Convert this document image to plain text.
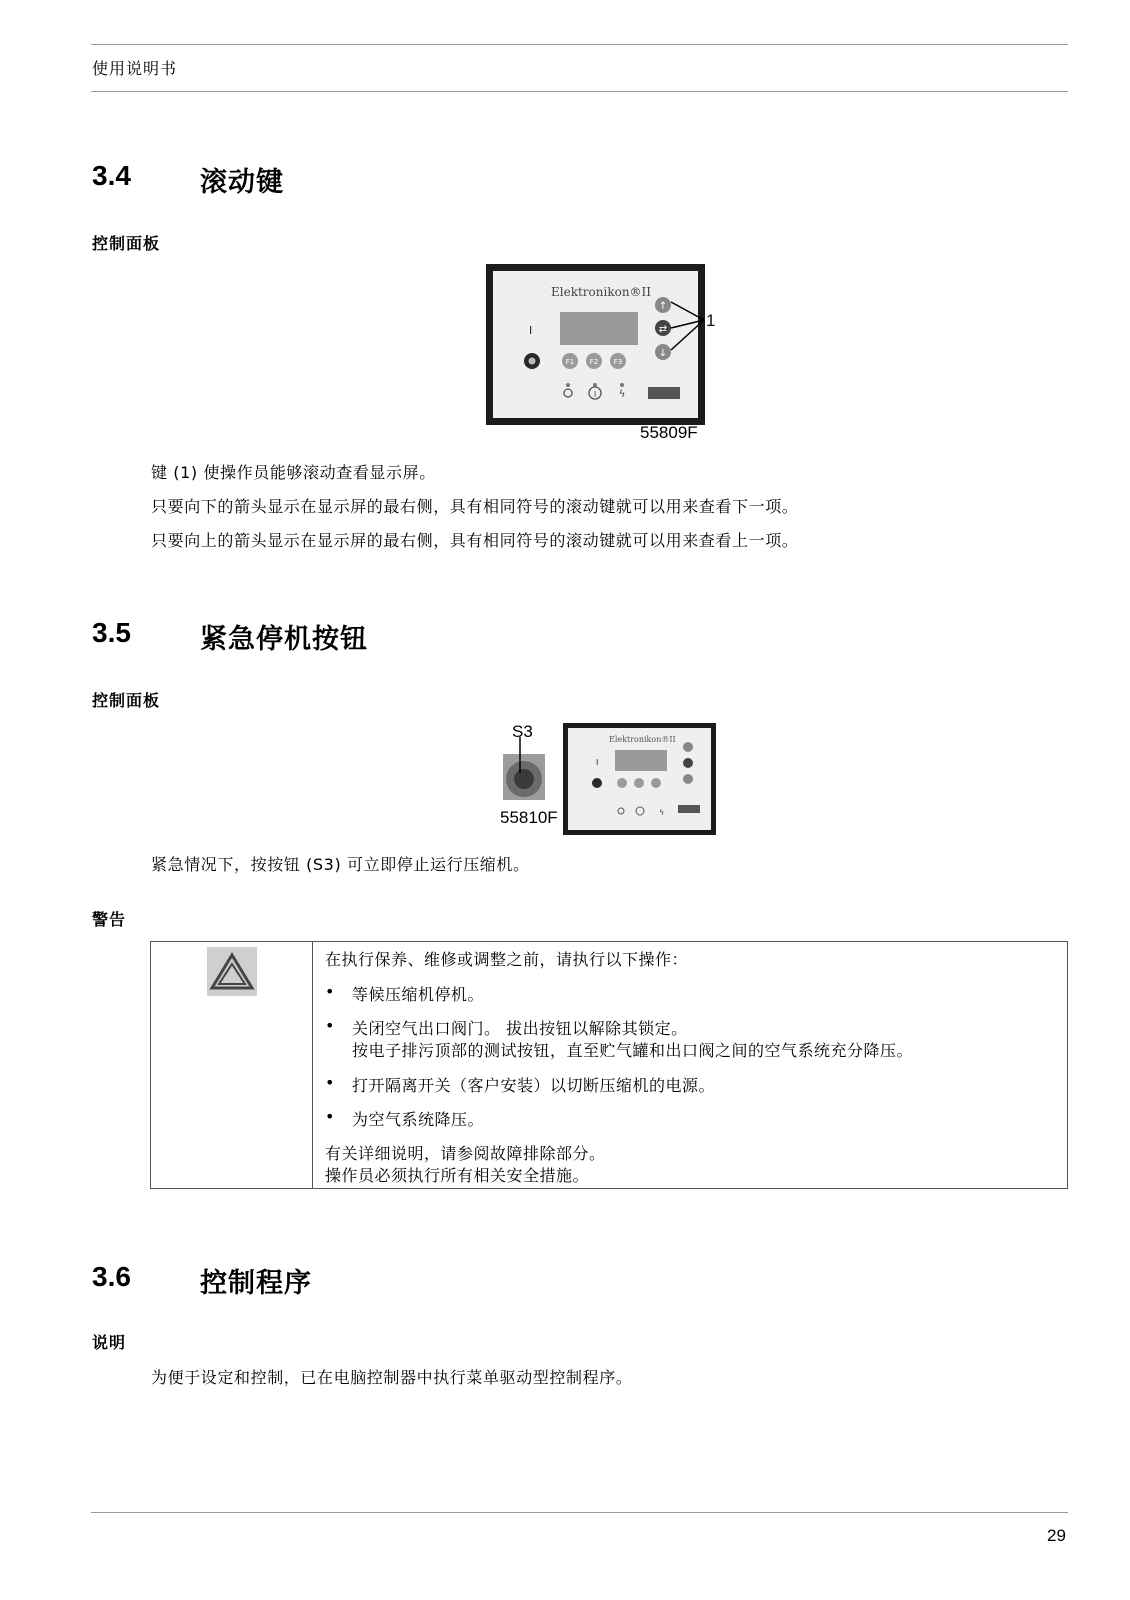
使用说明书
3.4	滚动键
控制面板
Elektronikon®II
I
F1 F2 F3
↑
⇄
↓
I ϟ
1
55809F
键 (1) 使操作员能够滚动查看显示屏。
只要向下的箭头显示在显示屏的最右侧，具有相同符号的滚动键就可以用来查看下一项。
只要向上的箭头显示在显示屏的最右侧，具有相同符号的滚动键就可以用来查看上一项。
3.5	紧急停机按钮
控制面板
S3	Elektronikon®II
I
ϟ
55810F
紧急情况下，按按钮 (S3) 可立即停止运行压缩机。
警告
在执行保养、维修或调整之前，请执行以下操作：
• 等候压缩机停机。
• 关闭空气出口阀门。 拔出按钮以解除其锁定。
按电子排污顶部的测试按钮，直至贮气罐和出口阀之间的空气系统充分降压。
• 打开隔离开关（客户安装）以切断压缩机的电源。
• 为空气系统降压。
有关详细说明，请参阅故障排除部分。
操作员必须执行所有相关安全措施。
3.6	控制程序
说明
为便于设定和控制，已在电脑控制器中执行菜单驱动型控制程序。
29
